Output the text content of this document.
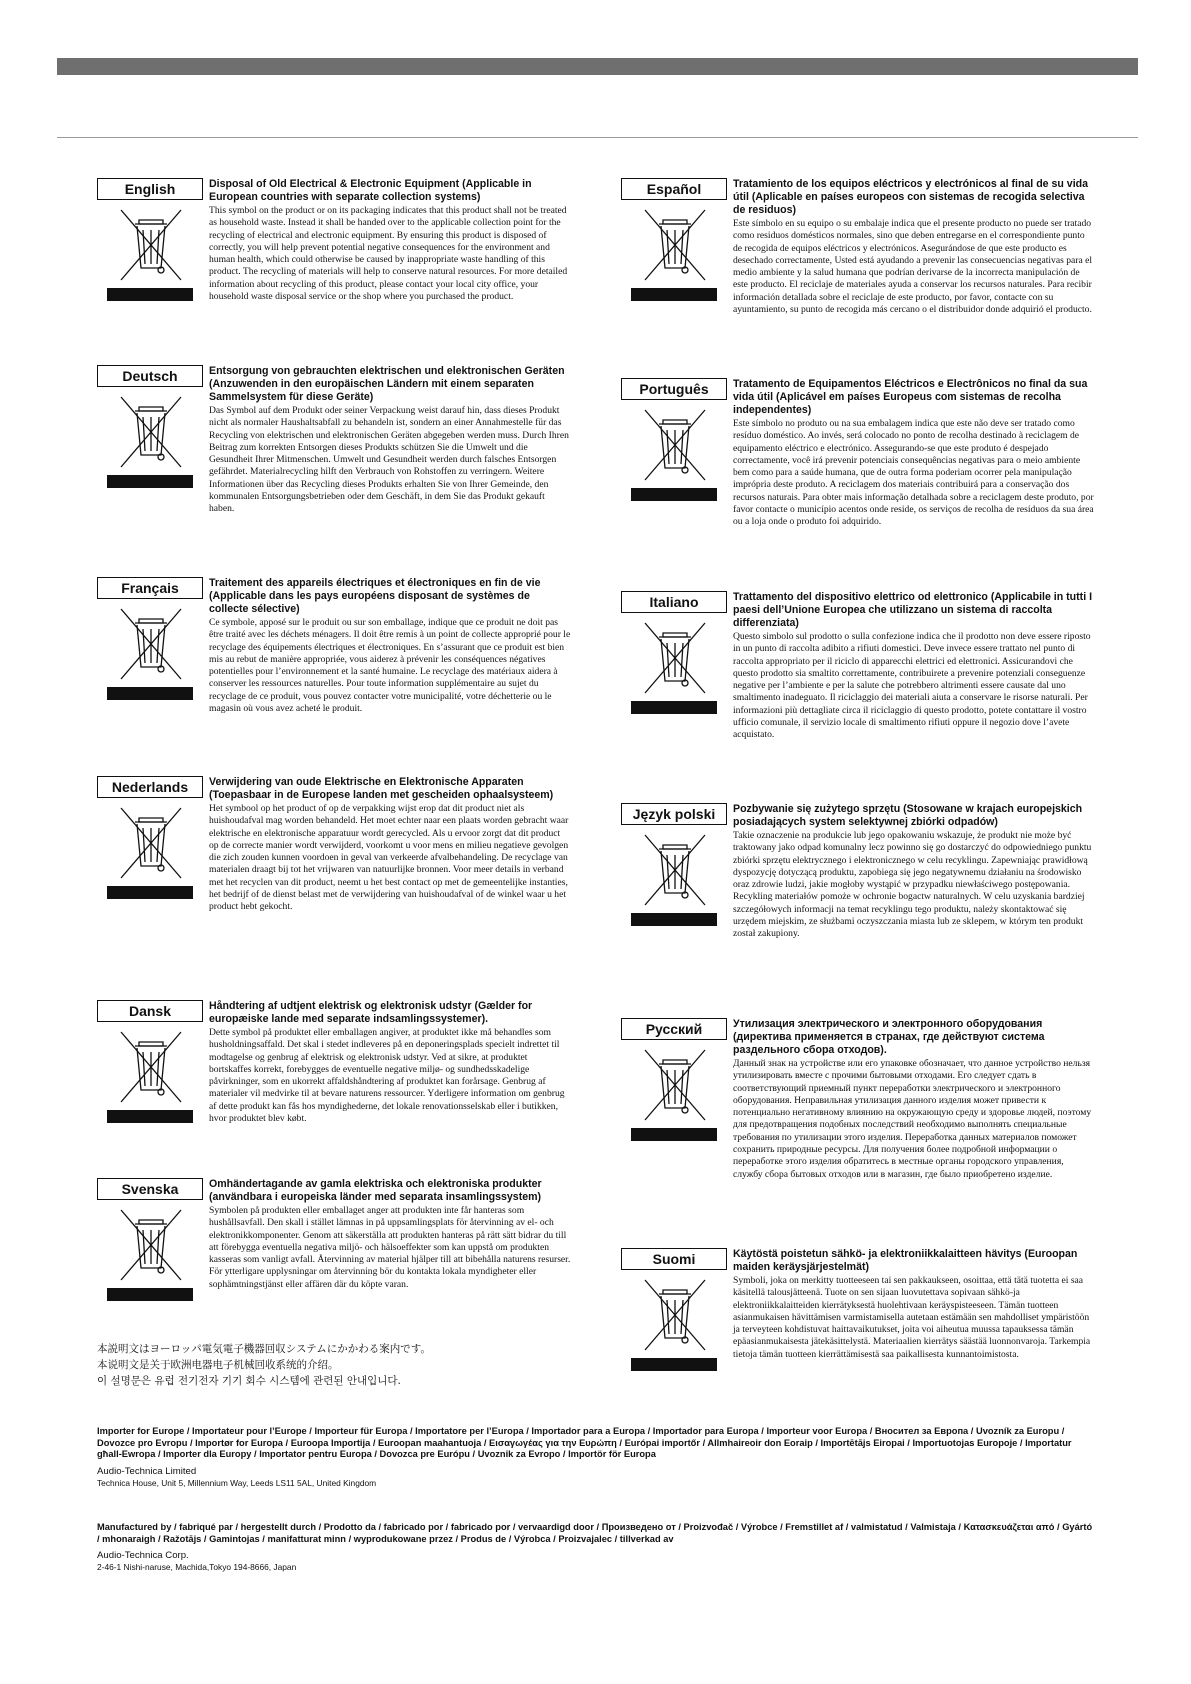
English	Disposal of Old Electrical & Electronic Equipment (Applicable in European countries with separate collection systems)

This symbol on the product or on its packaging indicates that this product shall not be treated as household waste. Instead it shall be handed over to the applicable collection point for the recycling of electrical and electronic equipment. By ensuring this product is disposed of correctly, you will help prevent potential negative consequences for the environment and human health, which could otherwise be caused by inappropriate waste handling of this product. The recycling of materials will help to conserve natural resources. For more detailed information about recycling of this product, please contact your local city office, your household waste disposal service or the shop where you purchased the product.

Deutsch	Entsorgung von gebrauchten elektrischen und elektronischen Geräten (Anzuwenden in den europäischen Ländern mit einem separaten Sammelsystem für diese Geräte)

Das Symbol auf dem Produkt oder seiner Verpackung weist darauf hin, dass dieses Produkt nicht als normaler Haushaltsabfall zu behandeln ist, sondern an einer Annahmestelle für das Recycling von elektrischen und elektronischen Geräten abgegeben werden muss. Durch Ihren Beitrag zum korrekten Entsorgen dieses Produkts schützen Sie die Umwelt und die Gesundheit Ihrer Mitmenschen. Umwelt und Gesundheit werden durch falsches Entsorgen gefährdet. Materialrecycling hilft den Verbrauch von Rohstoffen zu verringern. Weitere Informationen über das Recycling dieses Produkts erhalten Sie von Ihrer Gemeinde, den kommunalen Entsorgungsbetrieben oder dem Geschäft, in dem Sie das Produkt gekauft haben.

Français	Traitement des appareils électriques et électroniques en fin de vie (Applicable dans les pays européens disposant de systèmes de collecte sélective)

Ce symbole, apposé sur le produit ou sur son emballage, indique que ce produit ne doit pas être traité avec les déchets ménagers. Il doit être remis à un point de collecte approprié pour le recyclage des équipements électriques et électroniques. En s’assurant que ce produit est bien mis au rebut de manière appropriée, vous aiderez à prévenir les conséquences négatives potentielles pour l’environnement et la santé humaine. Le recyclage des matériaux aidera à conserver les ressources naturelles. Pour toute information supplémentaire au sujet du recyclage de ce produit, vous pouvez contacter votre municipalité, votre déchetterie ou le magasin où vous avez acheté le produit.

Nederlands	Verwijdering van oude Elektrische en Elektronische Apparaten (Toepasbaar in de Europese landen met gescheiden ophaalsysteem)

Het symbool op het product of op de verpakking wijst erop dat dit product niet als huishoudafval mag worden behandeld. Het moet echter naar een plaats worden gebracht waar elektrische en elektronische apparatuur wordt gerecycled. Als u ervoor zorgt dat dit product op de correcte manier wordt verwijderd, voorkomt u voor mens en milieu negatieve gevolgen die zich zouden kunnen voordoen in geval van verkeerde afvalbehandeling. De recyclage van materialen draagt bij tot het vrijwaren van natuurlijke bronnen. Voor meer details in verband met het recyclen van dit product, neemt u het best contact op met de gemeentelijke instanties, het bedrijf of de dienst belast met de verwijdering van huishoudafval of de winkel waar u het product hebt gekocht.

Dansk	Håndtering af udtjent elektrisk og elektronisk udstyr (Gælder for europæiske lande med separate indsamlingssystemer).

Dette symbol på produktet eller emballagen angiver, at produktet ikke må behandles som husholdningsaffald. Det skal i stedet indleveres på en deponeringsplads specielt indrettet til modtagelse og genbrug af elektrisk og elektronisk udstyr. Ved at sikre, at produktet bortskaffes korrekt, forebygges de eventuelle negative miljø- og sundhedsskadelige påvirkninger, som en ukorrekt affaldshåndtering af produktet kan forårsage. Genbrug af materialer vil medvirke til at bevare naturens ressourcer. Yderligere information om genbrug af dette produkt kan fås hos myndighederne, det lokale renovationsselskab eller i butikken, hvor produktet blev købt.

Svenska	Omhändertagande av gamla elektriska och elektroniska produkter (användbara i europeiska länder med separata insamlingssystem)

Symbolen på produkten eller emballaget anger att produkten inte får hanteras som hushållsavfall. Den skall i stället lämnas in på uppsamlingsplats för återvinning av el- och elektronikkomponenter. Genom att säkerställa att produkten hanteras på rätt sätt bidrar du till att förebygga eventuella negativa miljö- och hälsoeffekter som kan uppstå om produkten kasseras som vanligt avfall. Återvinning av material hjälper till att bibehålla naturens resurser. För ytterligare upplysningar om återvinning bör du kontakta lokala myndigheter eller sophämtningstjänst eller affären där du köpte varan.

Español	Tratamiento de los equipos eléctricos y electrónicos al final de su vida útil (Aplicable en países europeos con sistemas de recogida selectiva de residuos)

Este símbolo en su equipo o su embalaje indica que el presente producto no puede ser tratado como residuos domésticos normales, sino que deben entregarse en el correspondiente punto de recogida de equipos eléctricos y electrónicos. Asegurándose de que este producto es desechado correctamente, Usted está ayudando a prevenir las consecuencias negativas para el medio ambiente y la salud humana que podrían derivarse de la incorrecta manipulación de este producto. El reciclaje de materiales ayuda a conservar los recursos naturales. Para recibir información detallada sobre el reciclaje de este producto, por favor, contacte con su ayuntamiento, su punto de recogida más cercano o el distribuidor donde adquirió el producto.

Português	Tratamento de Equipamentos Eléctricos e Electrônicos no final da sua vida útil (Aplicável em países Europeus com sistemas de recolha independentes)

Este símbolo no produto ou na sua embalagem indica que este não deve ser tratado como resíduo doméstico. Ao invés, será colocado no ponto de recolha destinado à reciclagem de equipamento eléctrico e electrónico. Assegurando-se que este produto é despejado correctamente, você irá prevenir potenciais consequências negativas para o meio ambiente bem como para a saúde humana, que de outra forma poderiam ocorrer pela manipulação imprópria deste produto. A reciclagem dos materiais contribuirá para a conservação dos recursos naturais. Para obter mais informação detalhada sobre a reciclagem deste produto, por favor contacte o município acentos onde reside, os serviços de recolha de resíduos da sua área ou a loja onde o produto foi adquirido.

Italiano	Trattamento del dispositivo elettrico od elettronico (Applicabile in tutti I paesi dell’Unione Europea che utilizzano un sistema di raccolta differenziata)

Questo simbolo sul prodotto o sulla confezione indica che il prodotto non deve essere riposto in un punto di raccolta adibito a rifiuti domestici. Deve invece essere trattato nel punto di raccolta appropriato per il riciclo di apparecchi elettrici ed elettronici. Assicurandovi che questo prodotto sia smaltito correttamente, contribuirete a prevenire potenziali conseguenze negative per l’ambiente e per la salute che potrebbero altrimenti essere causate dal uno smaltimento inadeguato. Il riciclaggio dei materiali aiuta a conservare le risorse naturali. Per informazioni più dettagliate circa il riciclaggio di questo prodotto, potete contattare il vostro ufficio comunale, il servizio locale di smaltimento rifiuti oppure il negozio dove l’avete acquistato.

Język polski	Pozbywanie się zużytego sprzętu (Stosowane w krajach europejskich posiadających system selektywnej zbiórki odpadów)

Takie oznaczenie na produkcie lub jego opakowaniu wskazuje, że produkt nie może być traktowany jako odpad komunalny lecz powinno się go dostarczyć do odpowiedniego punktu zbiórki sprzętu elektrycznego i elektronicznego w celu recyklingu. Zapewniając prawidłową dyspozycję dotyczącą produktu, zapobiega się jego negatywnemu działaniu na środowisko oraz zdrowie ludzi, jakie mogłoby wystąpić w przypadku niewłaściwego postępowania. Recykling materiałów pomoże w ochronie bogactw naturalnych. W celu uzyskania bardziej szczegółowych informacji na temat recyklingu tego produktu, należy skontaktować się urzędem miejskim, ze służbami oczyszczania miasta lub ze sklepem, w którym ten produkt został zakupiony.

Русский	Утилизация электрического и электронного оборудования (директива применяется в странах, где действуют система раздельного сбора отходов).

Данный знак на устройстве или его упаковке обозначает, что данное устройство нельзя утилизировать вместе с прочими бытовыми отходами. Его следует сдать в соответствующий приемный пункт переработки электрического и электронного оборудования. Неправильная утилизация данного изделия может привести к потенциально негативному влиянию на окружающую среду и здоровье людей, поэтому для предотвращения подобных последствий необходимо выполнять специальные требования по утилизации этого изделия. Переработка данных материалов поможет сохранить природные ресурсы. Для получения более подробной информации о переработке этого изделия обратитесь в местные органы городского управления, службу сбора бытовых отходов или в магазин, где было приобретено изделие.

Suomi	Käytöstä poistetun sähkö- ja elektroniikkalaitteen hävitys (Euroopan maiden keräysjärjestelmät)

Symboli, joka on merkitty tuotteeseen tai sen pakkaukseen, osoittaa, että tätä tuotetta ei saa käsitellä talousjätteenä. Tuote on sen sijaan luovutettava sopivaan sähkö-ja elektroniikkalaitteiden kierrätyksestä huolehtivaan keräyspisteeseen. Tämän tuotteen asianmukaisen hävittämisen varmistamisella autetaan estämään sen mahdolliset ympäristöön ja terveyteen kohdistuvat haittavaikutukset, joita voi aiheutua muussa tapauksessa tämän epäasianmukaisesta jätekäsittelystä. Materiaalien kierrätys säästää luonnonvaroja. Tarkempia tietoja tämän tuotteen kierrättämisestä saa paikallisesta kunnantoimistosta.

本説明文はヨーロッパ電気電子機器回収システムにかかわる案内です。
本说明文是关于欧洲电器电子机械回收系统的介绍。
이 설명문은 유럽 전기전자 기기 회수 시스템에 관련된 안내입니다.

Importer for Europe / Importateur pour l’Europe / Importeur für Europa / Importatore per l’Europa / Importador para a Europa / Importador para Europa / Importeur voor Europa / Вносител за Европа / Uvozník za Europu / Dovozce pro Evropu / Importør for Europa / Euroopa Importija / Euroopan maahantuoja / Εισαγωγέας για την Ευρώπη / Európai importőr / Allmhaireoir don Eoraip / Importētājs Eiropai / Importuotojas Europoje / Importatur għall-Ewropa / Importer dla Europy / Importator pentru Europa / Dovozca pre Európu / Uvoznik za Evropo / Importör för Europa

Audio-Technica Limited

Technica House, Unit 5, Millennium Way, Leeds LS11 5AL, United Kingdom

Manufactured by / fabriqué par / hergestellt durch / Prodotto da / fabricado por / fabricado por / vervaardigd door / Произведено от / Proizvođač / Výrobce / Fremstillet af / valmistatud / Valmistaja / Κατασκευάζεται από / Gyártó / mhonaraigh / Ražotājs / Gamintojas / manifatturat minn / wyprodukowane przez / Produs de / Výrobca / Proizvajalec / tillverkad av

Audio-Technica Corp.

2-46-1 Nishi-naruse, Machida,Tokyo 194-8666, Japan
